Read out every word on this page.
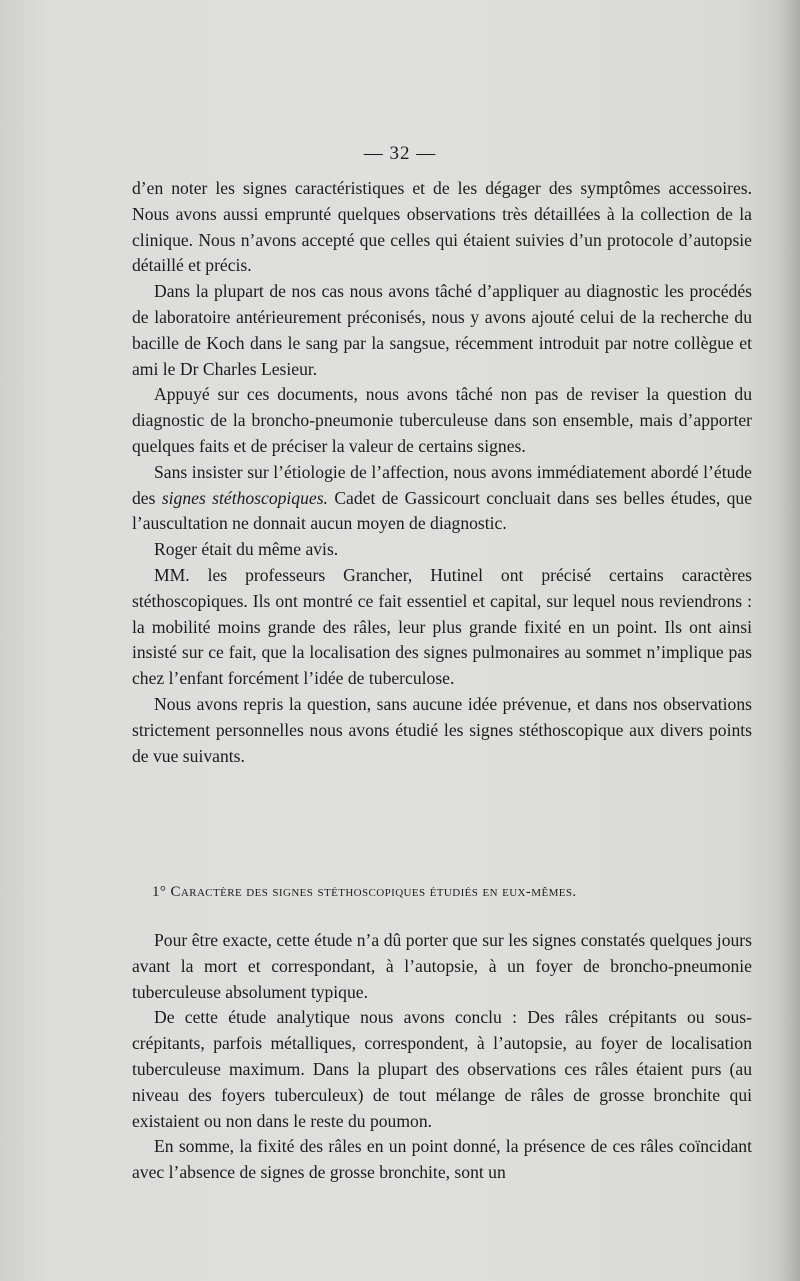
— 32 —

d’en noter les signes caractéristiques et de les dégager des symptômes accessoires. Nous avons aussi emprunté quelques observations très détaillées à la collection de la clinique. Nous n’avons accepté que celles qui étaient suivies d’un protocole d’autopsie détaillé et précis.

Dans la plupart de nos cas nous avons tâché d’appliquer au diagnostic les procédés de laboratoire antérieurement préconisés, nous y avons ajouté celui de la recherche du bacille de Koch dans le sang par la sangsue, récemment introduit par notre collègue et ami le Dr Charles Lesieur.

Appuyé sur ces documents, nous avons tâché non pas de reviser la question du diagnostic de la broncho-pneumonie tuberculeuse dans son ensemble, mais d’apporter quelques faits et de préciser la valeur de certains signes.

Sans insister sur l’étiologie de l’affection, nous avons immédiatement abordé l’étude des signes stéthoscopiques. Cadet de Gassicourt concluait dans ses belles études, que l’auscultation ne donnait aucun moyen de diagnostic.

Roger était du même avis.

MM. les professeurs Grancher, Hutinel ont précisé certains caractères stéthoscopiques. Ils ont montré ce fait essentiel et capital, sur lequel nous reviendrons : la mobilité moins grande des râles, leur plus grande fixité en un point. Ils ont ainsi insisté sur ce fait, que la localisation des signes pulmonaires au sommet n’implique pas chez l’enfant forcément l’idée de tuberculose.

Nous avons repris la question, sans aucune idée prévenue, et dans nos observations strictement personnelles nous avons étudié les signes stéthoscopique aux divers points de vue suivants.

1° Caractère des signes stéthoscopiques étudiés en eux-mêmes.

Pour être exacte, cette étude n’a dû porter que sur les signes constatés quelques jours avant la mort et correspondant, à l’autopsie, à un foyer de broncho-pneumonie tuberculeuse absolument typique.

De cette étude analytique nous avons conclu : Des râles crépitants ou sous-crépitants, parfois métalliques, correspondent, à l’autopsie, au foyer de localisation tuberculeuse maximum. Dans la plupart des observations ces râles étaient purs (au niveau des foyers tuberculeux) de tout mélange de râles de grosse bronchite qui existaient ou non dans le reste du poumon.

En somme, la fixité des râles en un point donné, la présence de ces râles coïncidant avec l’absence de signes de grosse bronchite, sont un
